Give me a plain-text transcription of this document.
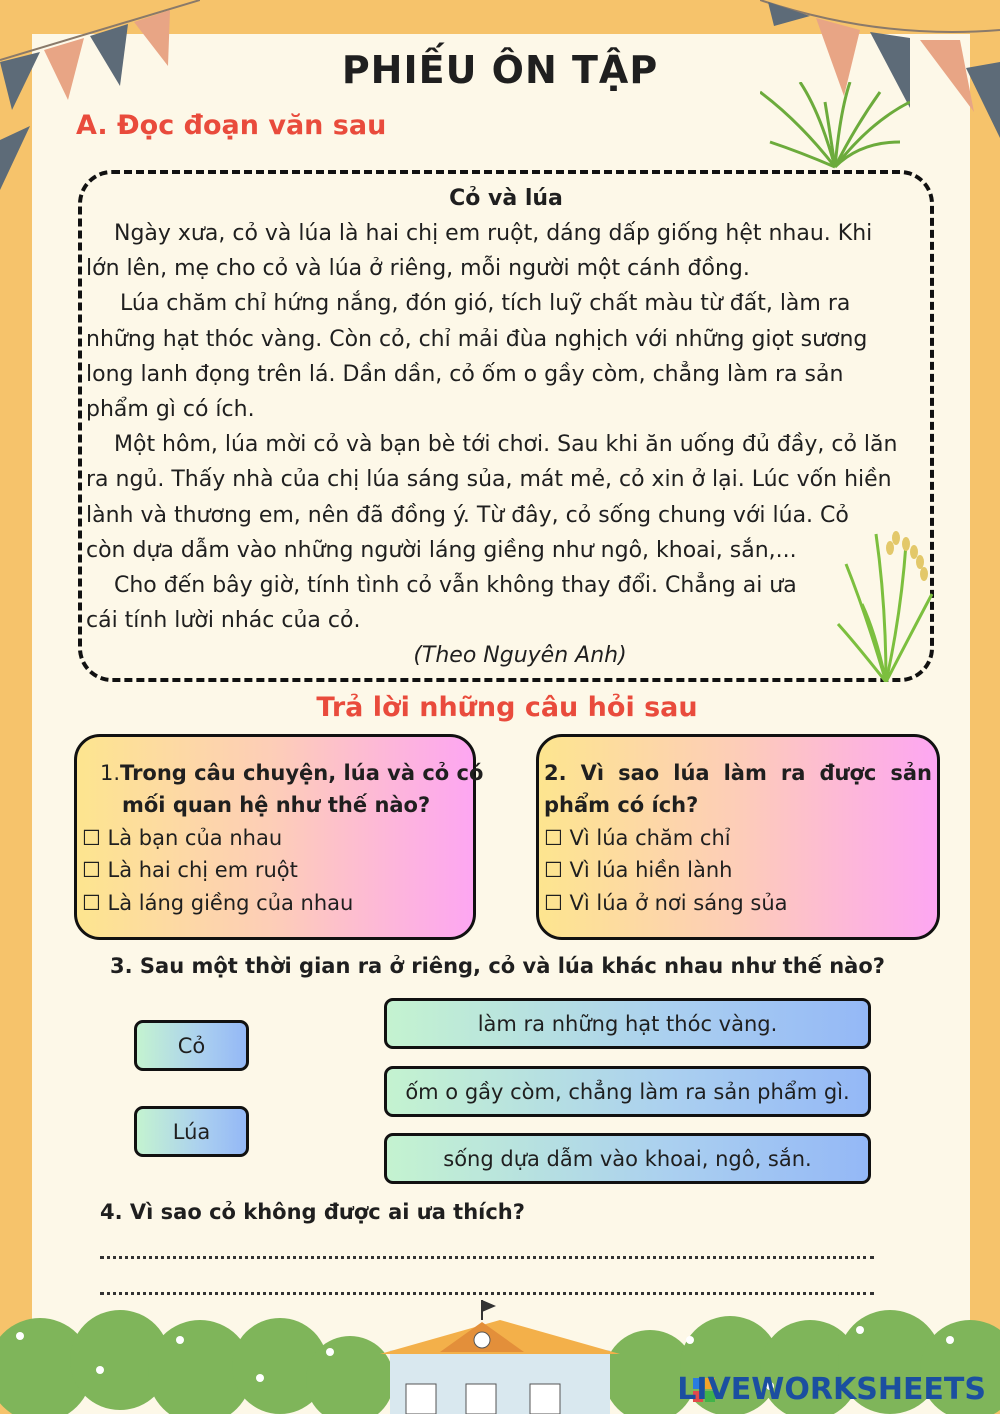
PHIẾU ÔN TẬP
A. Đọc đoạn văn sau
Cỏ và lúa
Ngày xưa, cỏ và lúa là hai chị em ruột, dáng dấp giống hệt nhau. Khi
lớn lên, mẹ cho cỏ và lúa ở riêng, mỗi người một cánh đồng.
Lúa chăm chỉ hứng nắng, đón gió, tích luỹ chất màu từ đất, làm ra
những hạt thóc vàng. Còn cỏ, chỉ mải đùa nghịch với những giọt sương
long lanh đọng trên lá. Dần dần, cỏ ốm o gầy còm, chẳng làm ra sản
phẩm gì có ích.
Một hôm, lúa mời cỏ và bạn bè tới chơi. Sau khi ăn uống đủ đầy, cỏ lăn
ra ngủ. Thấy nhà của chị lúa sáng sủa, mát mẻ, cỏ xin ở lại. Lúc vốn hiền
lành và thương em, nên đã đồng ý. Từ đây, cỏ sống chung với lúa. Cỏ
còn dựa dẫm vào những người láng giềng như ngô, khoai, sắn,...
Cho đến bây giờ, tính tình cỏ vẫn không thay đổi. Chẳng ai ưa
cái tính lười nhác của cỏ.
(Theo Nguyên Anh)
Trả lời những câu hỏi sau
1.Trong câu chuyện, lúa và cỏ có
mối quan hệ như thế nào?
☐ Là bạn của nhau
☐ Là hai chị em ruột
☐ Là láng giềng của nhau
2. Vì sao lúa làm ra được sản
phẩm có ích?
☐ Vì lúa chăm chỉ
☐ Vì lúa hiền lành
☐ Vì lúa ở nơi sáng sủa
3. Sau một thời gian ra ở riêng, cỏ và lúa khác nhau như thế nào?
Cỏ
Lúa
làm ra những hạt thóc vàng.
ốm o gầy còm, chẳng làm ra sản phẩm gì.
sống dựa dẫm vào khoai, ngô, sắn.
4. Vì sao cỏ không được ai ưa thích?
LIVEWORKSHEETS
